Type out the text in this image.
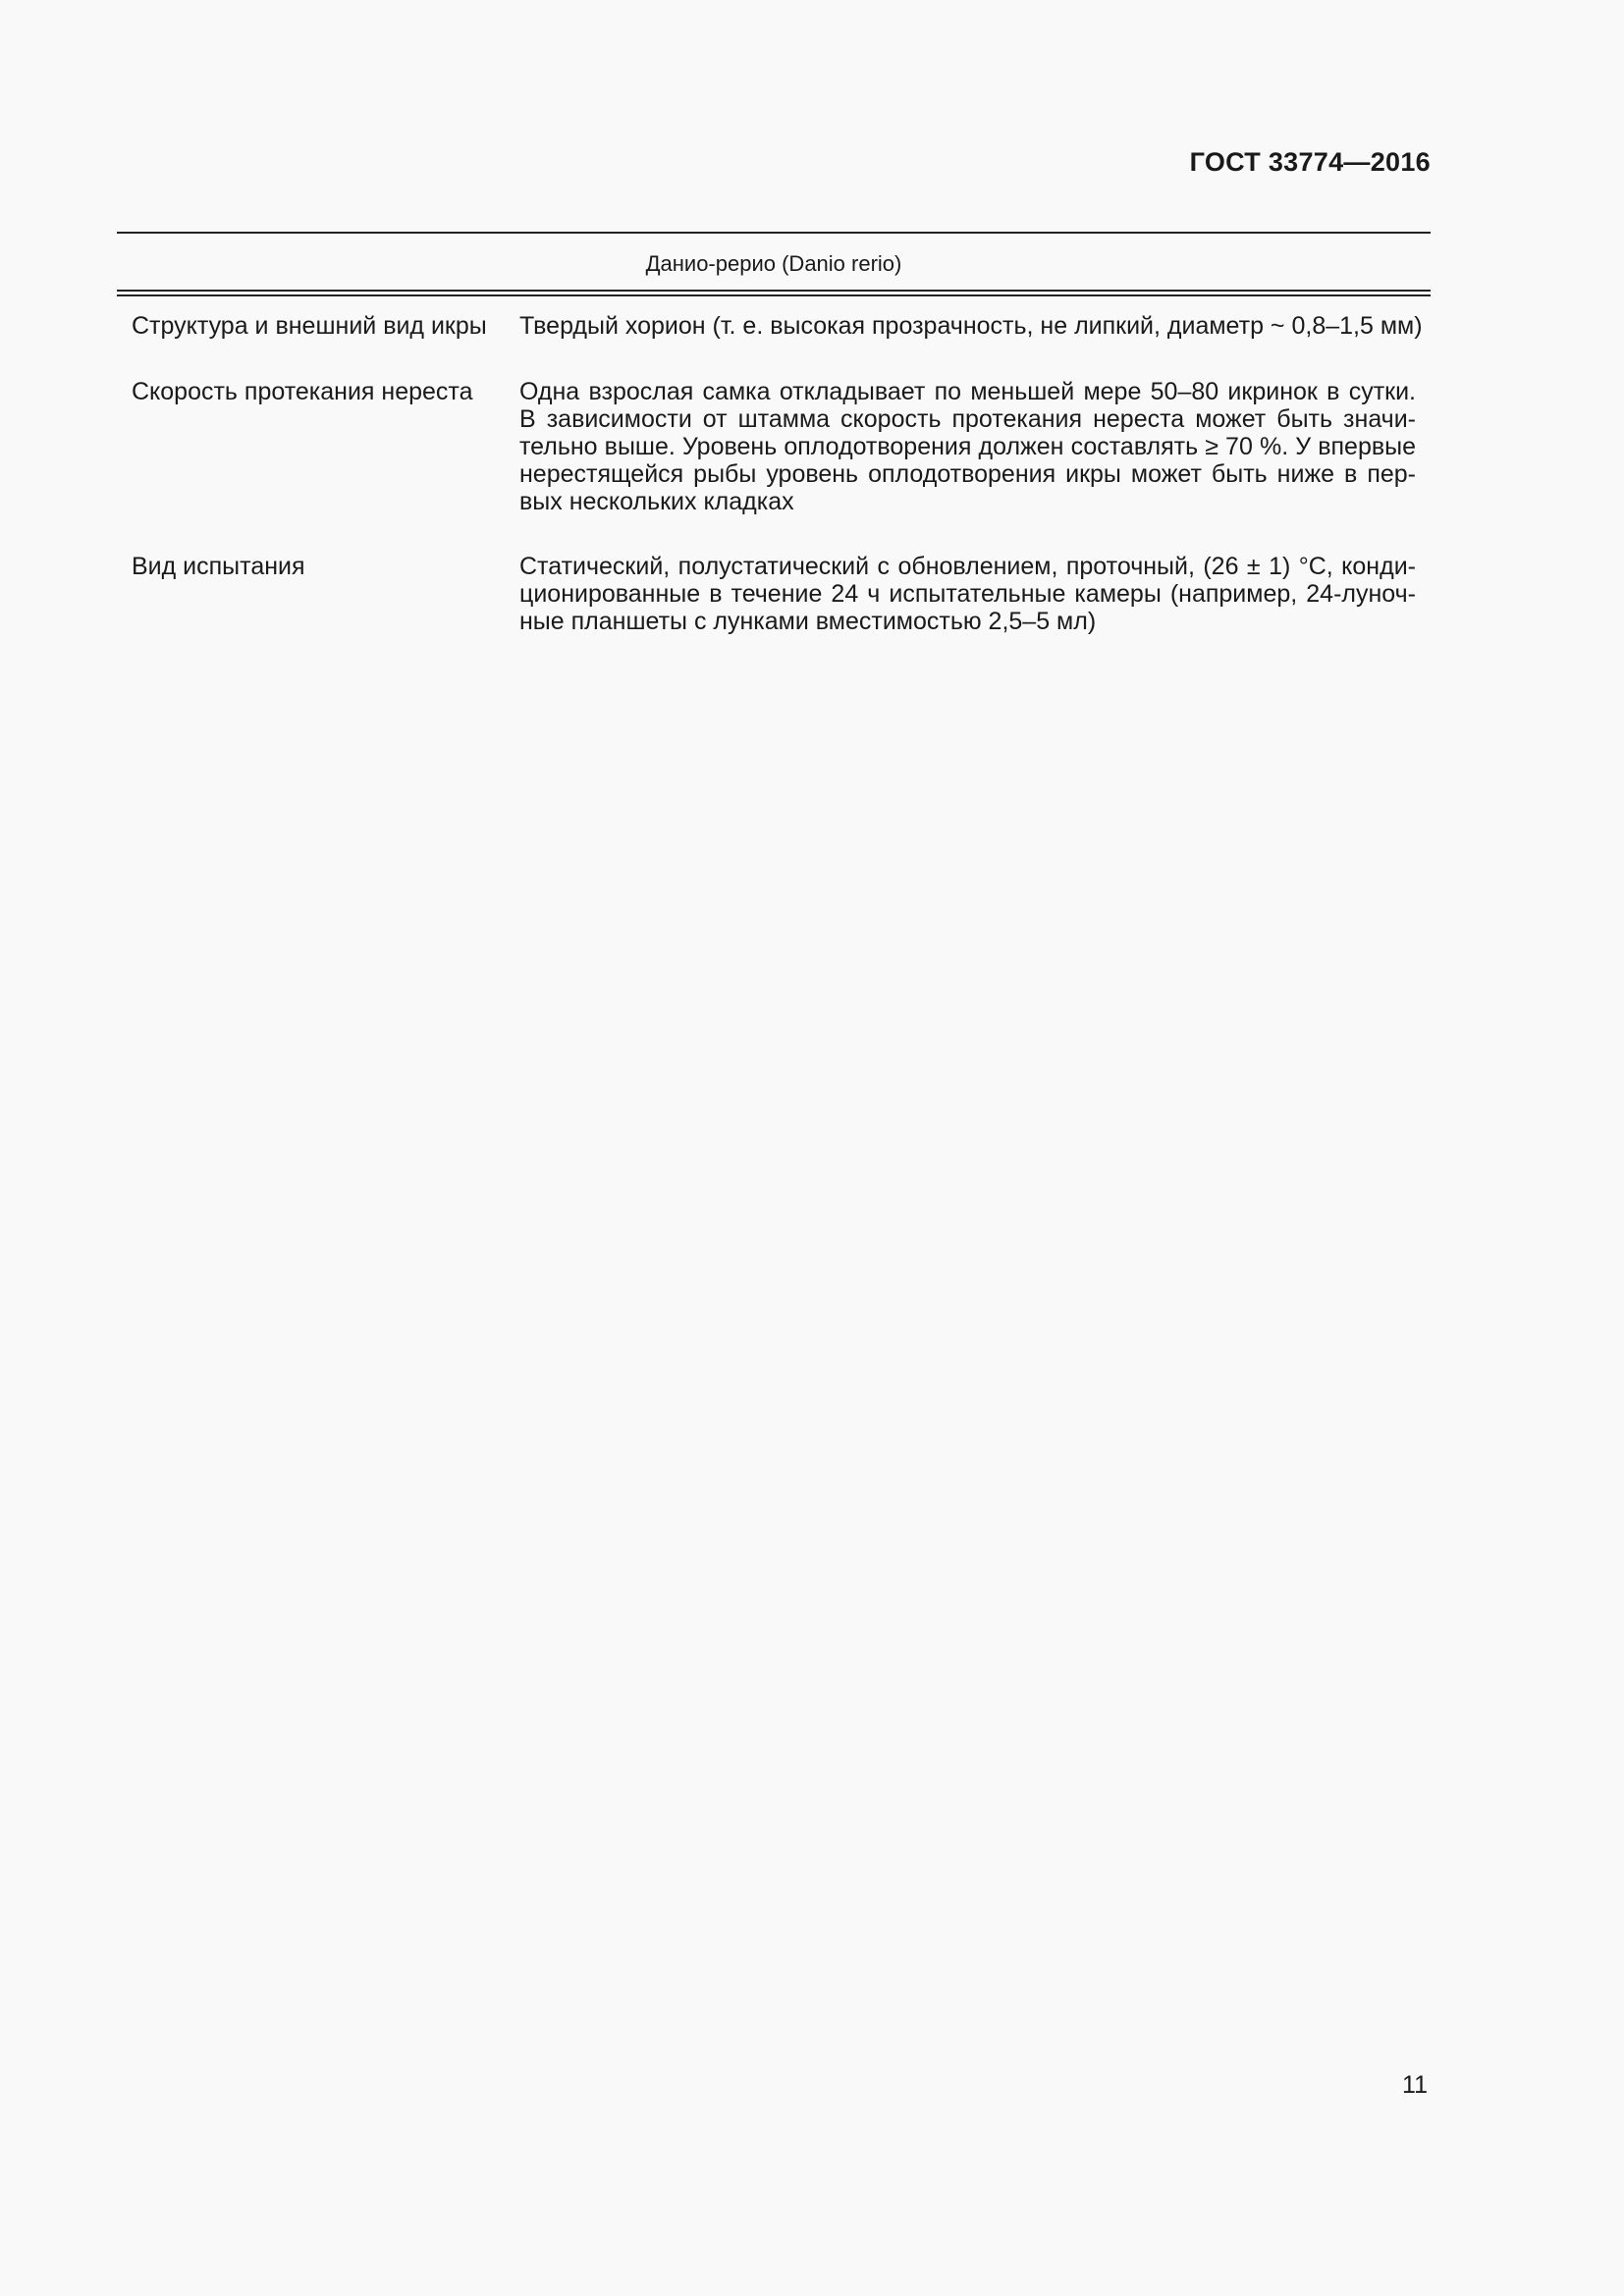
ГОСТ 33774—2016
Данио-рерио (Danio rerio)
Структура и внешний вид икры	Твердый хорион (т. е. высокая прозрачность, не липкий, диаметр ~ 0,8–1,5 мм)
Скорость протекания нереста	Одна взрослая самка откладывает по меньшей мере 50–80 икринок в сутки.
В зависимости от штамма скорость протекания нереста может быть значи-
тельно выше. Уровень оплодотворения должен составлять ≥ 70 %. У впервые
нерестящейся рыбы уровень оплодотворения икры может быть ниже в пер-
вых нескольких кладках
Вид испытания	Статический, полустатический с обновлением, проточный, (26 ± 1) °С, конди-
ционированные в течение 24 ч испытательные камеры (например, 24-луноч-
ные планшеты с лунками вместимостью 2,5–5 мл)
11
